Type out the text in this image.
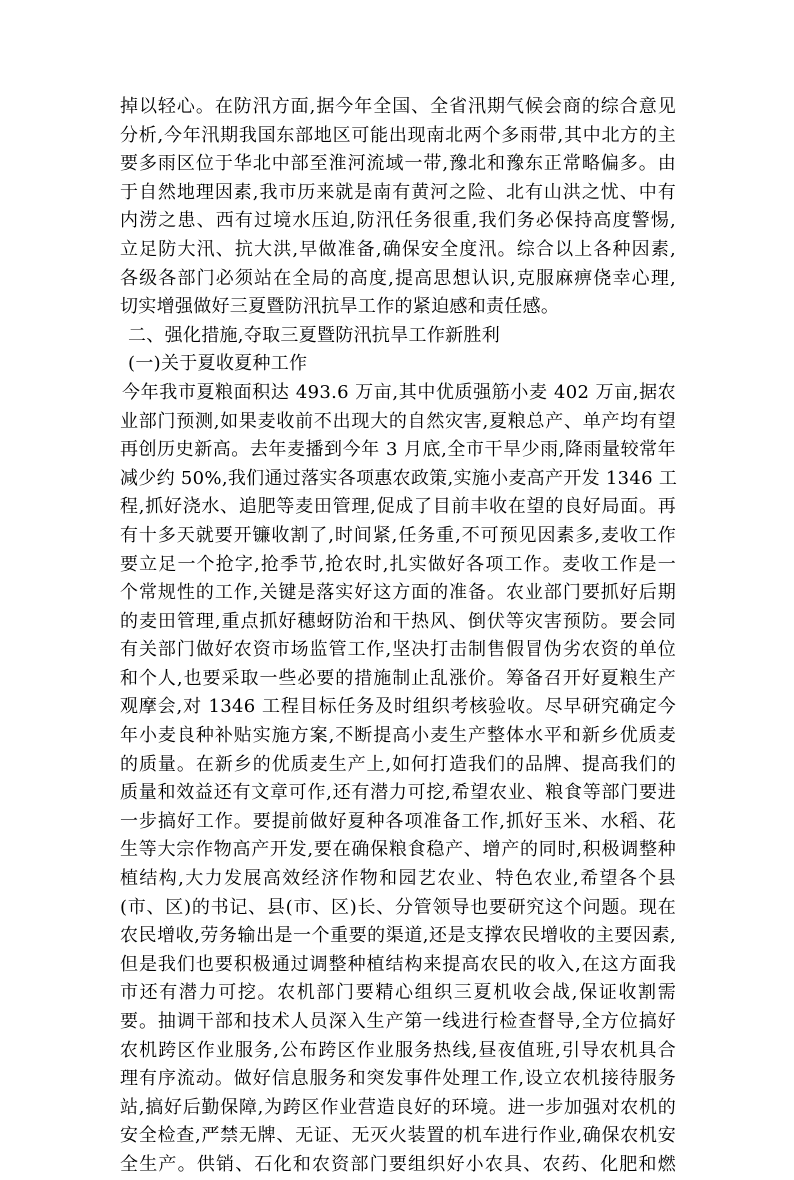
掉以轻心。在防汛方面,据今年全国、全省汛期气候会商的综合意见
分析,今年汛期我国东部地区可能出现南北两个多雨带,其中北方的主
要多雨区位于华北中部至淮河流域一带,豫北和豫东正常略偏多。由
于自然地理因素,我市历来就是南有黄河之险、北有山洪之忧、中有
内涝之患、西有过境水压迫,防汛任务很重,我们务必保持高度警惕,
立足防大汛、抗大洪,早做准备,确保安全度汛。综合以上各种因素,
各级各部门必须站在全局的高度,提高思想认识,克服麻痹侥幸心理,
切实增强做好三夏暨防汛抗旱工作的紧迫感和责任感。
二、强化措施,夺取三夏暨防汛抗旱工作新胜利
(一)关于夏收夏种工作
今年我市夏粮面积达 493.6 万亩,其中优质强筋小麦 402 万亩,据农
业部门预测,如果麦收前不出现大的自然灾害,夏粮总产、单产均有望
再创历史新高。去年麦播到今年 3 月底,全市干旱少雨,降雨量较常年
减少约 50%,我们通过落实各项惠农政策,实施小麦高产开发 1346 工
程,抓好浇水、追肥等麦田管理,促成了目前丰收在望的良好局面。再
有十多天就要开镰收割了,时间紧,任务重,不可预见因素多,麦收工作
要立足一个抢字,抢季节,抢农时,扎实做好各项工作。麦收工作是一
个常规性的工作,关键是落实好这方面的准备。农业部门要抓好后期
的麦田管理,重点抓好穗蚜防治和干热风、倒伏等灾害预防。要会同
有关部门做好农资市场监管工作,坚决打击制售假冒伪劣农资的单位
和个人,也要采取一些必要的措施制止乱涨价。筹备召开好夏粮生产
观摩会,对 1346 工程目标任务及时组织考核验收。尽早研究确定今
年小麦良种补贴实施方案,不断提高小麦生产整体水平和新乡优质麦
的质量。在新乡的优质麦生产上,如何打造我们的品牌、提高我们的
质量和效益还有文章可作,还有潜力可挖,希望农业、粮食等部门要进
一步搞好工作。要提前做好夏种各项准备工作,抓好玉米、水稻、花
生等大宗作物高产开发,要在确保粮食稳产、增产的同时,积极调整种
植结构,大力发展高效经济作物和园艺农业、特色农业,希望各个县
(市、区)的书记、县(市、区)长、分管领导也要研究这个问题。现在
农民增收,劳务输出是一个重要的渠道,还是支撑农民增收的主要因素,
但是我们也要积极通过调整种植结构来提高农民的收入,在这方面我
市还有潜力可挖。农机部门要精心组织三夏机收会战,保证收割需
要。抽调干部和技术人员深入生产第一线进行检查督导,全方位搞好
农机跨区作业服务,公布跨区作业服务热线,昼夜值班,引导农机具合
理有序流动。做好信息服务和突发事件处理工作,设立农机接待服务
站,搞好后勤保障,为跨区作业营造良好的环境。进一步加强对农机的
安全检查,严禁无牌、无证、无灭火装置的机车进行作业,确保农机安
全生产。供销、石化和农资部门要组织好小农具、农药、化肥和燃
